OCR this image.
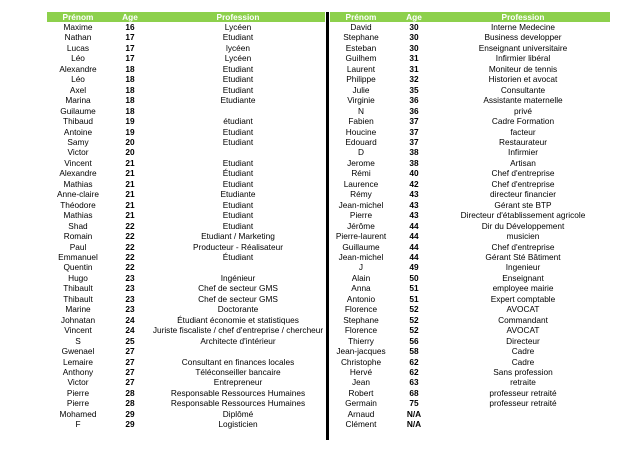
Prénom	Age	Profession
Maxime	16	Lycéen
Nathan	17	Etudiant
Lucas	17	lycéen
Léo	17	Lycéen
Alexandre	18	Etudiant
Léo	18	Etudiant
Axel	18	Etudiant
Marina	18	Etudiante
Guilaume	18	
Thibaud	19	étudiant
Antoine	19	Etudiant
Samy	20	Etudiant
Victor	20	
Vincent	21	Etudiant
Alexandre	21	Étudiant
Mathias	21	Etudiant
Anne-claire	21	Etudiante
Théodore	21	Etudiant
Mathias	21	Etudiant
Shad	22	Etudiant
Romain	22	Etudiant / Marketing
Paul	22	Producteur - Réalisateur
Emmanuel	22	Étudiant
Quentin	22	
Hugo	23	Ingénieur
Thibault	23	Chef de secteur GMS
Thibault	23	Chef de secteur GMS
Marine	23	Doctorante
Johnatan	24	Étudiant économie et statistiques
Vincent	24	Juriste fiscaliste / chef d'entreprise / chercheur
S	25	Architecte d'intérieur
Gwenael	27	
Lemaire	27	Consultant en finances locales
Anthony	27	Téléconseiller bancaire
Victor	27	Entrepreneur
Pierre	28	Responsable Ressources Humaines
Pierre	28	Responsable Ressources Humaines
Mohamed	29	Diplômé
F	29	Logisticien
Prénom	Age	Profession
David	30	Interne Medecine
Stephane	30	Business developper
Esteban	30	Enseignant universitaire
Guilhem	31	Infirmier libéral
Laurent	31	Moniteur de tennis
Philippe	32	Historien et avocat
Julie	35	Consultante
Virginie	36	Assistante maternelle
N	36	privé
Fabien	37	Cadre Formation
Houcine	37	facteur
Edouard	37	Restaurateur
D	38	Infirmier
Jerome	38	Artisan
Rémi	40	Chef d'entreprise
Laurence	42	Chef d'entreprise
Rémy	43	directeur financier
Jean-michel	43	Gérant ste BTP
Pierre	43	Directeur d'établissement agricole
Jérôme	44	Dir du Développement
Pierre-laurent	44	musicien
Guillaume	44	Chef d'entreprise
Jean-michel	44	Gérant Sté Bâtiment
J	49	Ingenieur
Alain	50	Enseignant
Anna	51	employee mairie
Antonio	51	Expert comptable
Florence	52	AVOCAT
Stephane	52	Commandant
Florence	52	AVOCAT
Thierry	56	Directeur
Jean-jacques	58	Cadre
Christophe	62	Cadre
Hervé	62	Sans profession
Jean	63	retraite
Robert	68	professeur retraité
Germain	75	professeur retraité
Arnaud	N/A	
Clément	N/A	
